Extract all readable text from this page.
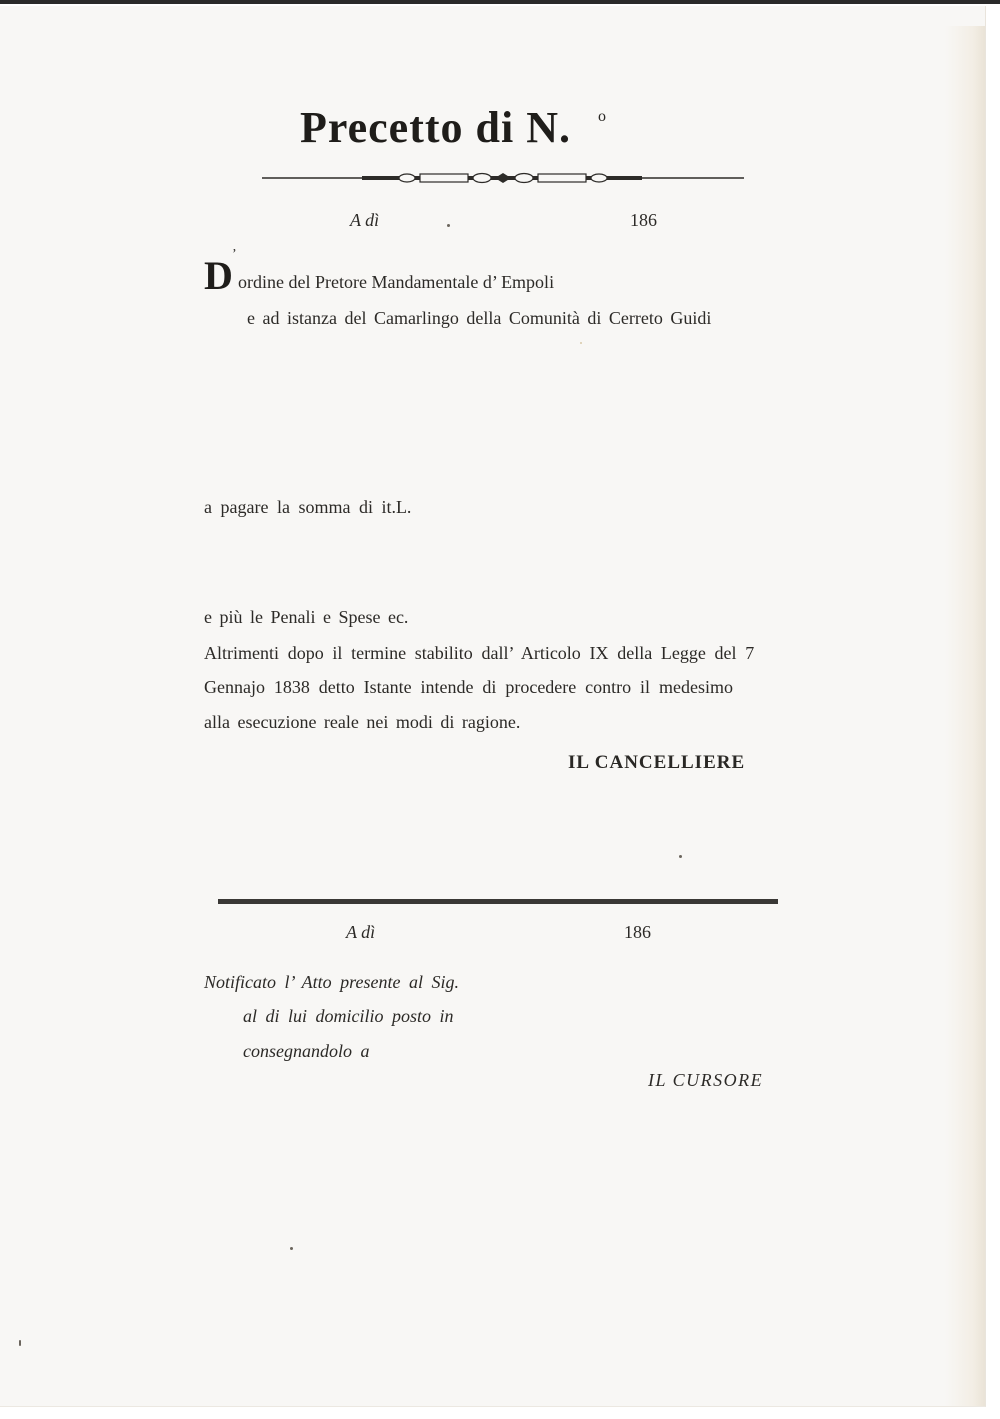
Precetto di N. o
A dì	186
D ’
ordine del Pretore Mandamentale d’ Empoli
e ad istanza del Camarlingo della Comunità di Cerreto Guidi
a pagare la somma di it.L.
e più le Penali e Spese ec.
Altrimenti dopo il termine stabilito dall’ Articolo IX della Legge del 7
Gennajo 1838 detto Istante intende di procedere contro il medesimo
alla esecuzione reale nei modi di ragione.
IL CANCELLIERE
A dì	186
Notificato l’ Atto presente al Sig.
al di lui domicilio posto in
consegnandolo a
IL CURSORE
